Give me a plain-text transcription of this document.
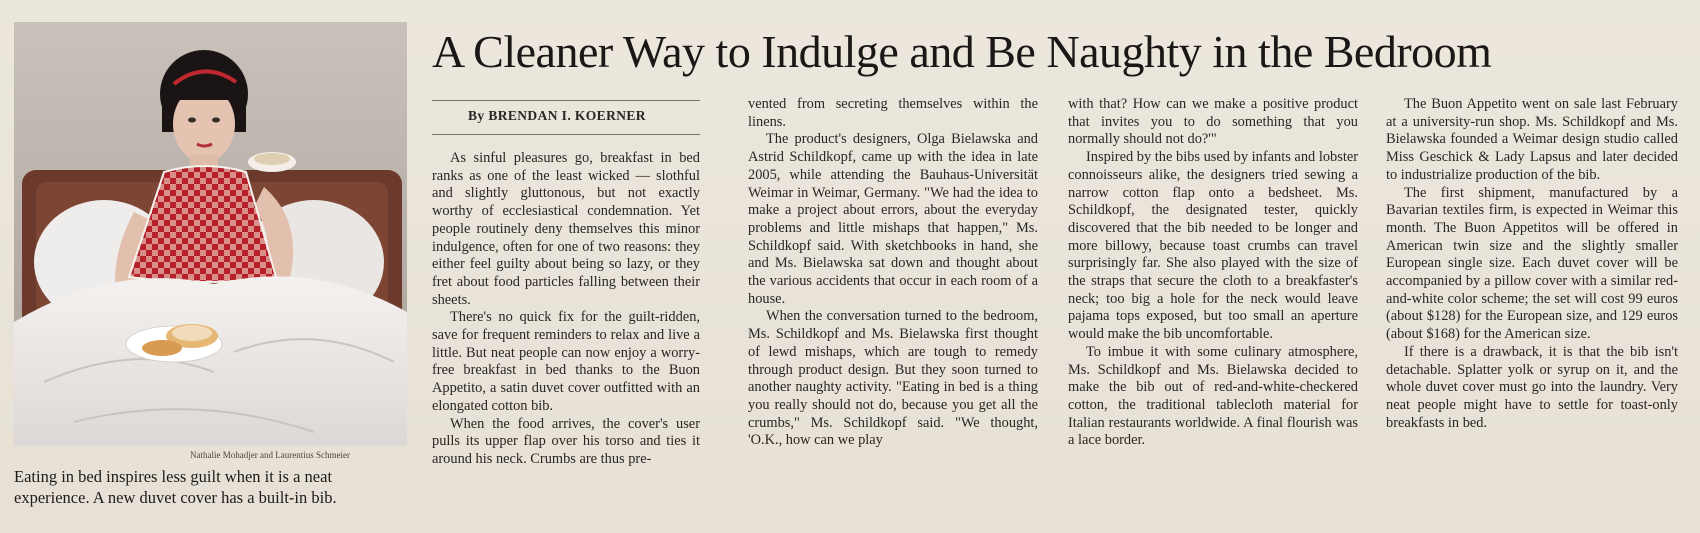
Nathalie Mohadjer and Laurentius Schmeier
Eating in bed inspires less guilt when it is a neat experience. A new duvet cover has a built-in bib.
A Cleaner Way to Indulge and Be Naughty in the Bedroom
By BRENDAN I. KOERNER

As sinful pleasures go, breakfast in bed ranks as one of the least wicked — slothful and slightly gluttonous, but not exactly worthy of ecclesiastical condemnation. Yet people routinely deny themselves this minor indulgence, often for one of two reasons: they either feel guilty about being so lazy, or they fret about food particles falling between their sheets.

There's no quick fix for the guilt-ridden, save for frequent reminders to relax and live a little. But neat people can now enjoy a worry-free breakfast in bed thanks to the Buon Appetito, a satin duvet cover outfitted with an elongated cotton bib.

When the food arrives, the cover's user pulls its upper flap over his torso and ties it around his neck. Crumbs are thus pre-

vented from secreting themselves within the linens.

The product's designers, Olga Bielawska and Astrid Schildkopf, came up with the idea in late 2005, while attending the Bauhaus-Universität Weimar in Weimar, Germany. "We had the idea to make a project about errors, about the everyday problems and little mishaps that happen," Ms. Schildkopf said. With sketchbooks in hand, she and Ms. Bielawska sat down and thought about the various accidents that occur in each room of a house.

When the conversation turned to the bedroom, Ms. Schildkopf and Ms. Bielawska first thought of lewd mishaps, which are tough to remedy through product design. But they soon turned to another naughty activity. "Eating in bed is a thing you really should not do, because you get all the crumbs," Ms. Schildkopf said. "We thought, 'O.K., how can we play

with that? How can we make a positive product that invites you to do something that you normally should not do?'"

Inspired by the bibs used by infants and lobster connoisseurs alike, the designers tried sewing a narrow cotton flap onto a bedsheet. Ms. Schildkopf, the designated tester, quickly discovered that the bib needed to be longer and more billowy, because toast crumbs can travel surprisingly far. She also played with the size of the straps that secure the cloth to a breakfaster's neck; too big a hole for the neck would leave pajama tops exposed, but too small an aperture would make the bib uncomfortable.

To imbue it with some culinary atmosphere, Ms. Schildkopf and Ms. Bielawska decided to make the bib out of red-and-white-checkered cotton, the traditional tablecloth material for Italian restaurants worldwide. A final flourish was a lace border.

The Buon Appetito went on sale last February at a university-run shop. Ms. Schildkopf and Ms. Bielawska founded a Weimar design studio called Miss Geschick & Lady Lapsus and later decided to industrialize production of the bib.

The first shipment, manufactured by a Bavarian textiles firm, is expected in Weimar this month. The Buon Appetitos will be offered in American twin size and the slightly smaller European single size. Each duvet cover will be accompanied by a pillow cover with a similar red-and-white color scheme; the set will cost 99 euros (about $128) for the European size, and 129 euros (about $168) for the American size.

If there is a drawback, it is that the bib isn't detachable. Splatter yolk or syrup on it, and the whole duvet cover must go into the laundry. Very neat people might have to settle for toast-only breakfasts in bed.
